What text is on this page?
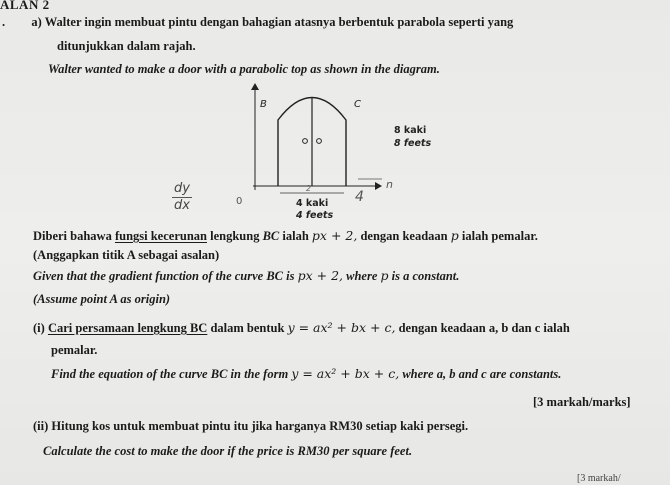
ALAN 2
. a) Walter ingin membuat pintu dengan bahagian atasnya berbentuk parabola seperti yang
ditunjukkan dalam rajah.
Walter wanted to make a door with a parabolic top as shown in the diagram.
B	C
8 kaki
8 feets
4 kaki
4 feets
2
4
n
0
dy
dx
Diberi bahawa fungsi kecerunan lengkung BC ialah px + 2, dengan keadaan p ialah pemalar.
(Anggapkan titik A sebagai asalan)
Given that the gradient function of the curve BC is px + 2, where p is a constant.
(Assume point A as origin)
(i) Cari persamaan lengkung BC dalam bentuk y = ax² + bx + c, dengan keadaan a, b dan c ialah
pemalar.
Find the equation of the curve BC in the form y = ax² + bx + c, where a, b and c are constants.
[3 markah/marks]
(ii) Hitung kos untuk membuat pintu itu jika harganya RM30 setiap kaki persegi.
Calculate the cost to make the door if the price is RM30 per square feet.
[3 markah/
